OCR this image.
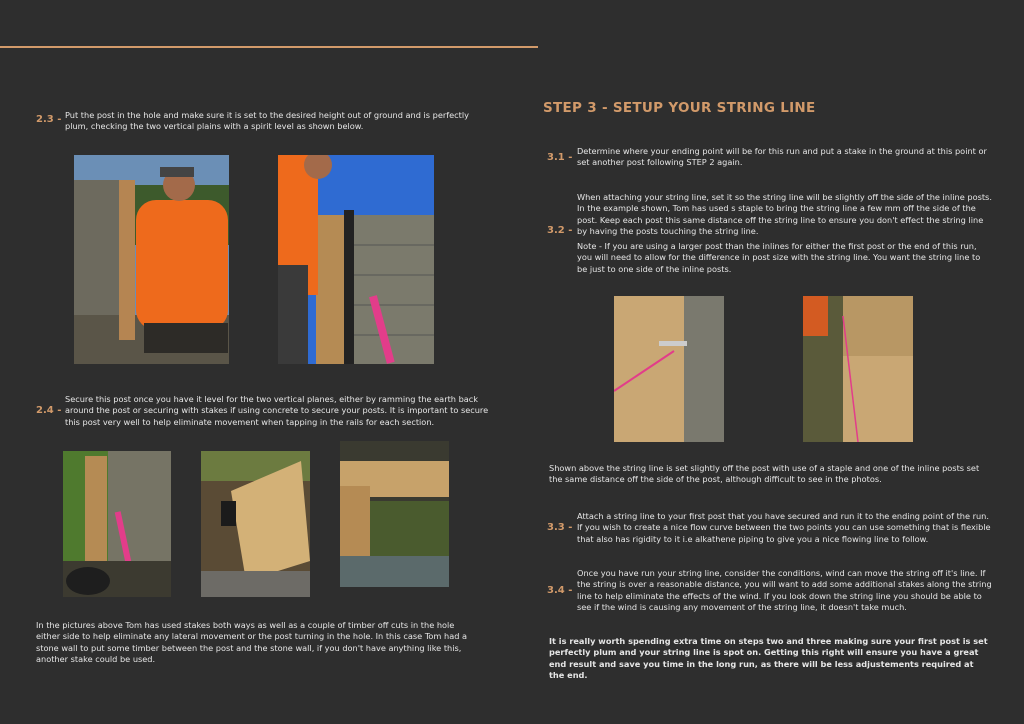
2.3 - Put the post in the hole and make sure it is set to the desired height out of ground and is perfectly plum, checking the two vertical plains with a spirit level as shown below.
2.4 -
Secure this post once you have it level for the two vertical planes, either by ramming the earth back around the post or securing with stakes if using concrete to secure your posts. It is important to secure this post very well to help eliminate movement when tapping in the rails for each section.
In the pictures above Tom has used stakes both ways as well as a couple of timber off cuts in the hole either side to help eliminate any lateral movement or the post turning in the hole. In this case Tom had a stone wall to put some timber between the post and the stone wall, if you don't have anything like this, another stake could be used.
STEP 3 - SETUP YOUR STRING LINE
3.1 -
Determine where your ending point will be for this run and put a stake in the ground at this point or set another post following STEP 2 again.
3.2 -
When attaching your string line, set it so the string line will be slightly off the side of the inline posts. In the example shown, Tom has used s staple to bring the string line a few mm off the side of the post. Keep each post this same distance off the string line to ensure you don't effect the string line by having the posts touching the string line.
Note - If you are using a larger post than the inlines for either the first post or the end of this run, you will need to allow for the difference in post size with the string line. You want the string line to be just to one side of the inline posts.
Shown above the string line is set slightly off the post with use of a staple and one of the inline posts set the same distance off the side of the post, although difficult to see in the photos.
3.3 -
Attach a string line to your first post that you have secured and run it to the ending point of the run. If you wish to create a nice flow curve between the two points you can use something that is flexible that also has rigidity to it i.e alkathene piping to give you a nice flowing line to follow.
3.4 -
Once you have run your string line, consider the conditions, wind can move the string off it's line. If the string is over a reasonable distance, you will want to add some additional stakes along the string line to help eliminate the effects of the wind. If you look down the string line you should be able to see if the wind is causing any movement of the string line, it doesn't take much.
It is really worth spending extra time on steps two and three making sure your first post is set perfectly plum and your string line is spot on. Getting this right will ensure you have a great end result and save you time in the long run, as there will be less adjustements required at the end.
